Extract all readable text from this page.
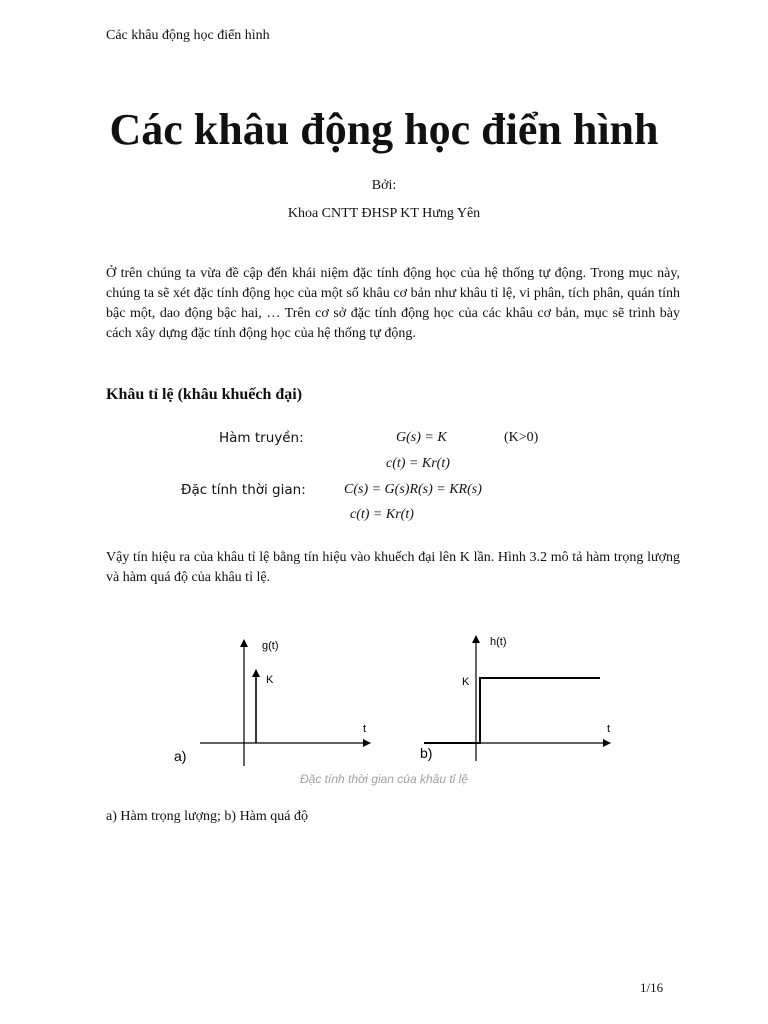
Các khâu động học điển hình
Các khâu động học điển hình
Bởi:
Khoa CNTT ĐHSP KT Hưng Yên
Ở trên chúng ta vừa đề cập đến khái niệm đặc tính động học của hệ thống tự động. Trong mục này, chúng ta sẽ xét đặc tính động học của một số khâu cơ bản như khâu tỉ lệ, vi phân, tích phân, quán tính bậc một, dao động bậc hai, … Trên cơ sở đặc tính động học của các khâu cơ bản, mục sẽ trình bày cách xây dựng đặc tính động học của hệ thống tự động.
Khâu tỉ lệ (khâu khuếch đại)
Hàm truyền:	G(s) = K	(K>0)
c(t) = Kr(t)
Đặc tính thời gian:	C(s) = G(s)R(s) = KR(s)
c(t) = Kr(t)
Vậy tín hiệu ra của khâu tỉ lệ bằng tín hiệu vào khuếch đại lên K lần. Hình 3.2 mô tả hàm trọng lượng và hàm quá độ của khâu tỉ lệ.
g(t)
K
t
a)
h(t)
K
t
b)
Đặc tính thời gian của khâu tỉ lệ
a) Hàm trọng lượng; b) Hàm quá độ
1/16
